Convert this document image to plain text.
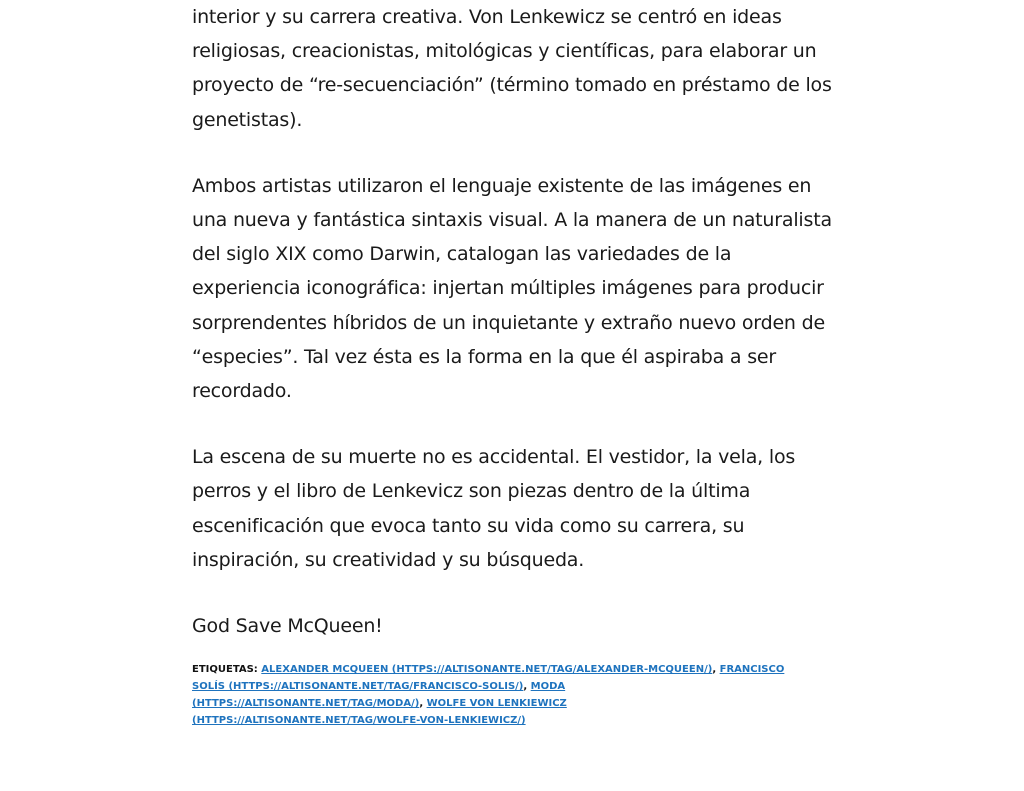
interior y su carrera creativa. Von Lenkewicz se centró en ideas religiosas, creacionistas, mitológicas y científicas, para elaborar un proyecto de “re-secuenciación” (término tomado en préstamo de los genetistas).

Ambos artistas utilizaron el lenguaje existente de las imágenes en una nueva y fantástica sintaxis visual. A la manera de un naturalista del siglo XIX como Darwin, catalogan las variedades de la experiencia iconográfica: injertan múltiples imágenes para producir sorprendentes híbridos de un inquietante y extraño nuevo orden de “especies”. Tal vez ésta es la forma en la que él aspiraba a ser recordado.

La escena de su muerte no es accidental. El vestidor, la vela, los perros y el libro de Lenkevicz son piezas dentro de la última escenificación que evoca tanto su vida como su carrera, su inspiración, su creatividad y su búsqueda.

God Save McQueen!

ETIQUETAS: ALEXANDER MCQUEEN (HTTPS://ALTISONANTE.NET/TAG/ALEXANDER-MCQUEEN/), FRANCISCO SOLÍS (HTTPS://ALTISONANTE.NET/TAG/FRANCISCO-SOLIS/), MODA (HTTPS://ALTISONANTE.NET/TAG/MODA/), WOLFE VON LENKIEWICZ (HTTPS://ALTISONANTE.NET/TAG/WOLFE-VON-LENKIEWICZ/)
